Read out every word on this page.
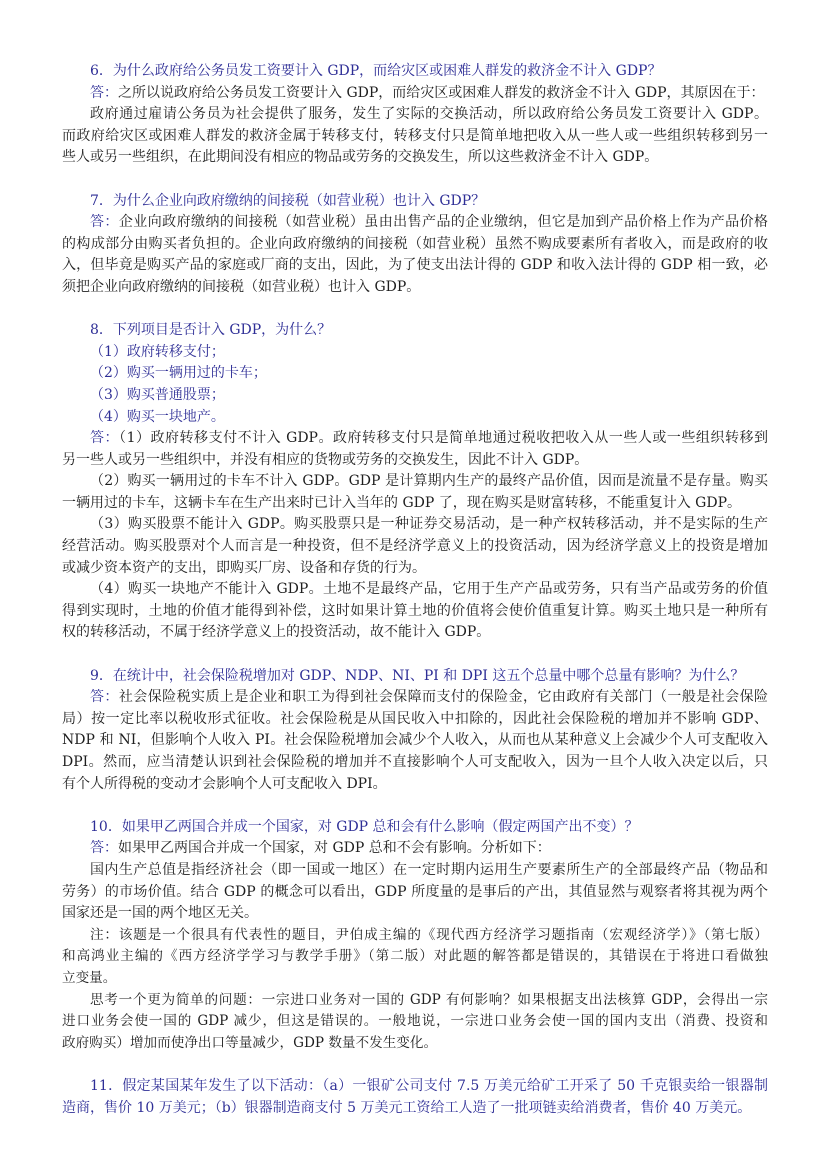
6．为什么政府给公务员发工资要计入 GDP，而给灾区或困难人群发的救济金不计入 GDP？
答：之所以说政府给公务员发工资要计入 GDP，而给灾区或困难人群发的救济金不计入 GDP，其原因在于：
政府通过雇请公务员为社会提供了服务，发生了实际的交换活动，所以政府给公务员发工资要计入 GDP。
而政府给灾区或困难人群发的救济金属于转移支付，转移支付只是简单地把收入从一些人或一些组织转移到另一
些人或另一些组织，在此期间没有相应的物品或劳务的交换发生，所以这些救济金不计入 GDP。
7．为什么企业向政府缴纳的间接税（如营业税）也计入 GDP？
答：企业向政府缴纳的间接税（如营业税）虽由出售产品的企业缴纳，但它是加到产品价格上作为产品价格
的构成部分由购买者负担的。企业向政府缴纳的间接税（如营业税）虽然不购成要素所有者收入，而是政府的收
入，但毕竟是购买产品的家庭或厂商的支出，因此，为了使支出法计得的 GDP 和收入法计得的 GDP 相一致，必
须把企业向政府缴纳的间接税（如营业税）也计入 GDP。
8．下列项目是否计入 GDP，为什么？
（1）政府转移支付；
（2）购买一辆用过的卡车；
（3）购买普通股票；
（4）购买一块地产。
答：（1）政府转移支付不计入 GDP。政府转移支付只是简单地通过税收把收入从一些人或一些组织转移到
另一些人或另一些组织中，并没有相应的货物或劳务的交换发生，因此不计入 GDP。
（2）购买一辆用过的卡车不计入 GDP。GDP 是计算期内生产的最终产品价值，因而是流量不是存量。购买
一辆用过的卡车，这辆卡车在生产出来时已计入当年的 GDP 了，现在购买是财富转移，不能重复计入 GDP。
（3）购买股票不能计入 GDP。购买股票只是一种证券交易活动，是一种产权转移活动，并不是实际的生产
经营活动。购买股票对个人而言是一种投资，但不是经济学意义上的投资活动，因为经济学意义上的投资是增加
或减少资本资产的支出，即购买厂房、设备和存货的行为。
（4）购买一块地产不能计入 GDP。土地不是最终产品，它用于生产产品或劳务，只有当产品或劳务的价值
得到实现时，土地的价值才能得到补偿，这时如果计算土地的价值将会使价值重复计算。购买土地只是一种所有
权的转移活动，不属于经济学意义上的投资活动，故不能计入 GDP。
9．在统计中，社会保险税增加对 GDP、NDP、NI、PI 和 DPI 这五个总量中哪个总量有影响？为什么？
答：社会保险税实质上是企业和职工为得到社会保障而支付的保险金，它由政府有关部门（一般是社会保险
局）按一定比率以税收形式征收。社会保险税是从国民收入中扣除的，因此社会保险税的增加并不影响 GDP、
NDP 和 NI，但影响个人收入 PI。社会保险税增加会减少个人收入，从而也从某种意义上会减少个人可支配收入
DPI。然而，应当清楚认识到社会保险税的增加并不直接影响个人可支配收入，因为一旦个人收入决定以后，只
有个人所得税的变动才会影响个人可支配收入 DPI。
10．如果甲乙两国合并成一个国家，对 GDP 总和会有什么影响（假定两国产出不变）？
答：如果甲乙两国合并成一个国家，对 GDP 总和不会有影响。分析如下：
国内生产总值是指经济社会（即一国或一地区）在一定时期内运用生产要素所生产的全部最终产品（物品和
劳务）的市场价值。结合 GDP 的概念可以看出，GDP 所度量的是事后的产出，其值显然与观察者将其视为两个
国家还是一国的两个地区无关。
注：该题是一个很具有代表性的题目，尹伯成主编的《现代西方经济学习题指南（宏观经济学）》（第七版）
和高鸿业主编的《西方经济学学习与教学手册》（第二版）对此题的解答都是错误的，其错误在于将进口看做独
立变量。
思考一个更为简单的问题：一宗进口业务对一国的 GDP 有何影响？如果根据支出法核算 GDP，会得出一宗
进口业务会使一国的 GDP 减少，但这是错误的。一般地说，一宗进口业务会使一国的国内支出（消费、投资和
政府购买）增加而使净出口等量减少，GDP 数量不发生变化。
11．假定某国某年发生了以下活动：（a）一银矿公司支付 7.5 万美元给矿工开采了 50 千克银卖给一银器制
造商，售价 10 万美元；（b）银器制造商支付 5 万美元工资给工人造了一批项链卖给消费者，售价 40 万美元。
